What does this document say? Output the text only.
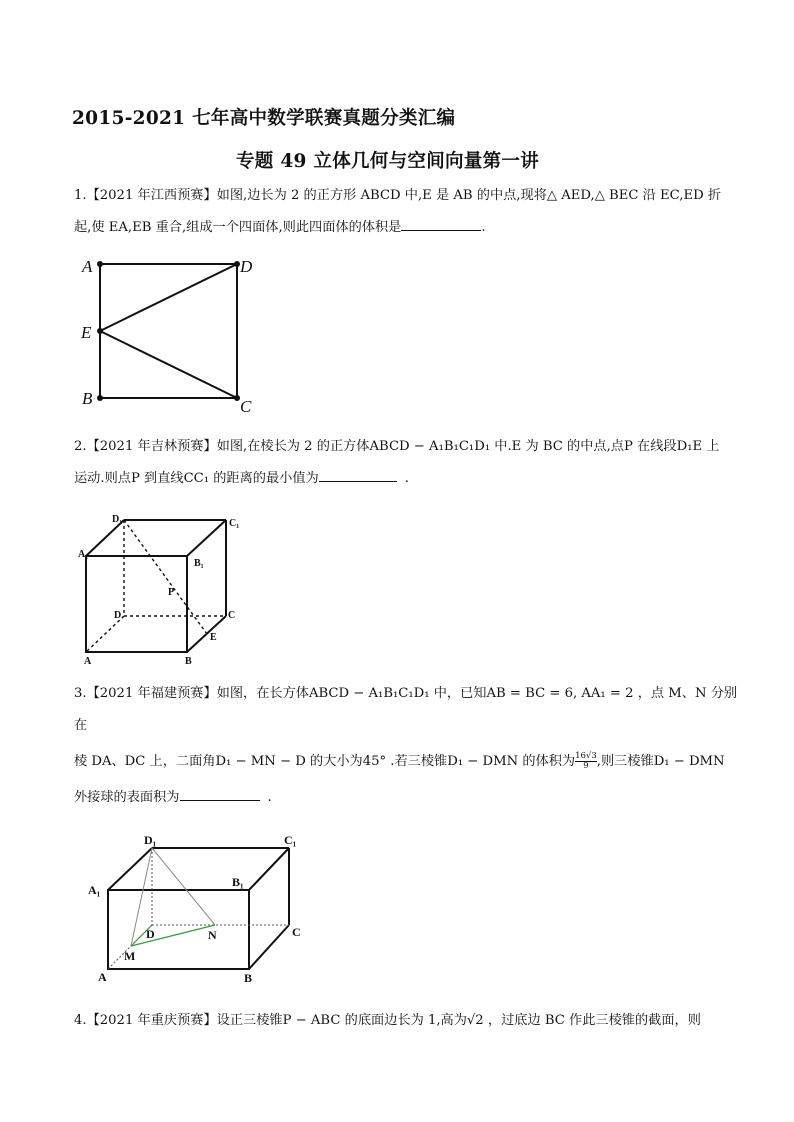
2015-2021 七年高中数学联赛真题分类汇编
专题 49 立体几何与空间向量第一讲
1.【2021 年江西预赛】如图,边长为 2 的正方形 ABCD 中,E 是 AB 的中点,现将△ AED,△ BEC 沿 EC,ED 折
起,使 EA,EB 重合,组成一个四面体,则此四面体的体积是	.
A	D
E
B	C
2.【2021 年吉林预赛】如图,在棱长为 2 的正方体ABCD − A₁B₁C₁D₁ 中.E 为 BC 的中点,点P 在线段D₁E 上
运动.则点P 到直线CC₁ 的距离的最小值为	.
D₁	C₁
A₁
B₁
D	C
P
E
A	B
3.【2021 年福建预赛】如图，在长方体ABCD − A₁B₁C₁D₁ 中，已知AB = BC = 6, AA₁ = 2 ，点 M、N 分别
在
棱 DA、DC 上，二面角D₁ − MN − D 的大小为45° .若三棱锥D₁ − DMN 的体积为 $\frac{16√3}{9}$ ,则三棱锥D₁ − DMN
外接球的表面积为	.
D₁	C₁
A₁
B₁
D	N	C
M
A	B
4.【2021 年重庆预赛】设正三棱锥P − ABC 的底面边长为 1,高为√2 ，过底边 BC 作此三棱锥的截面，则
